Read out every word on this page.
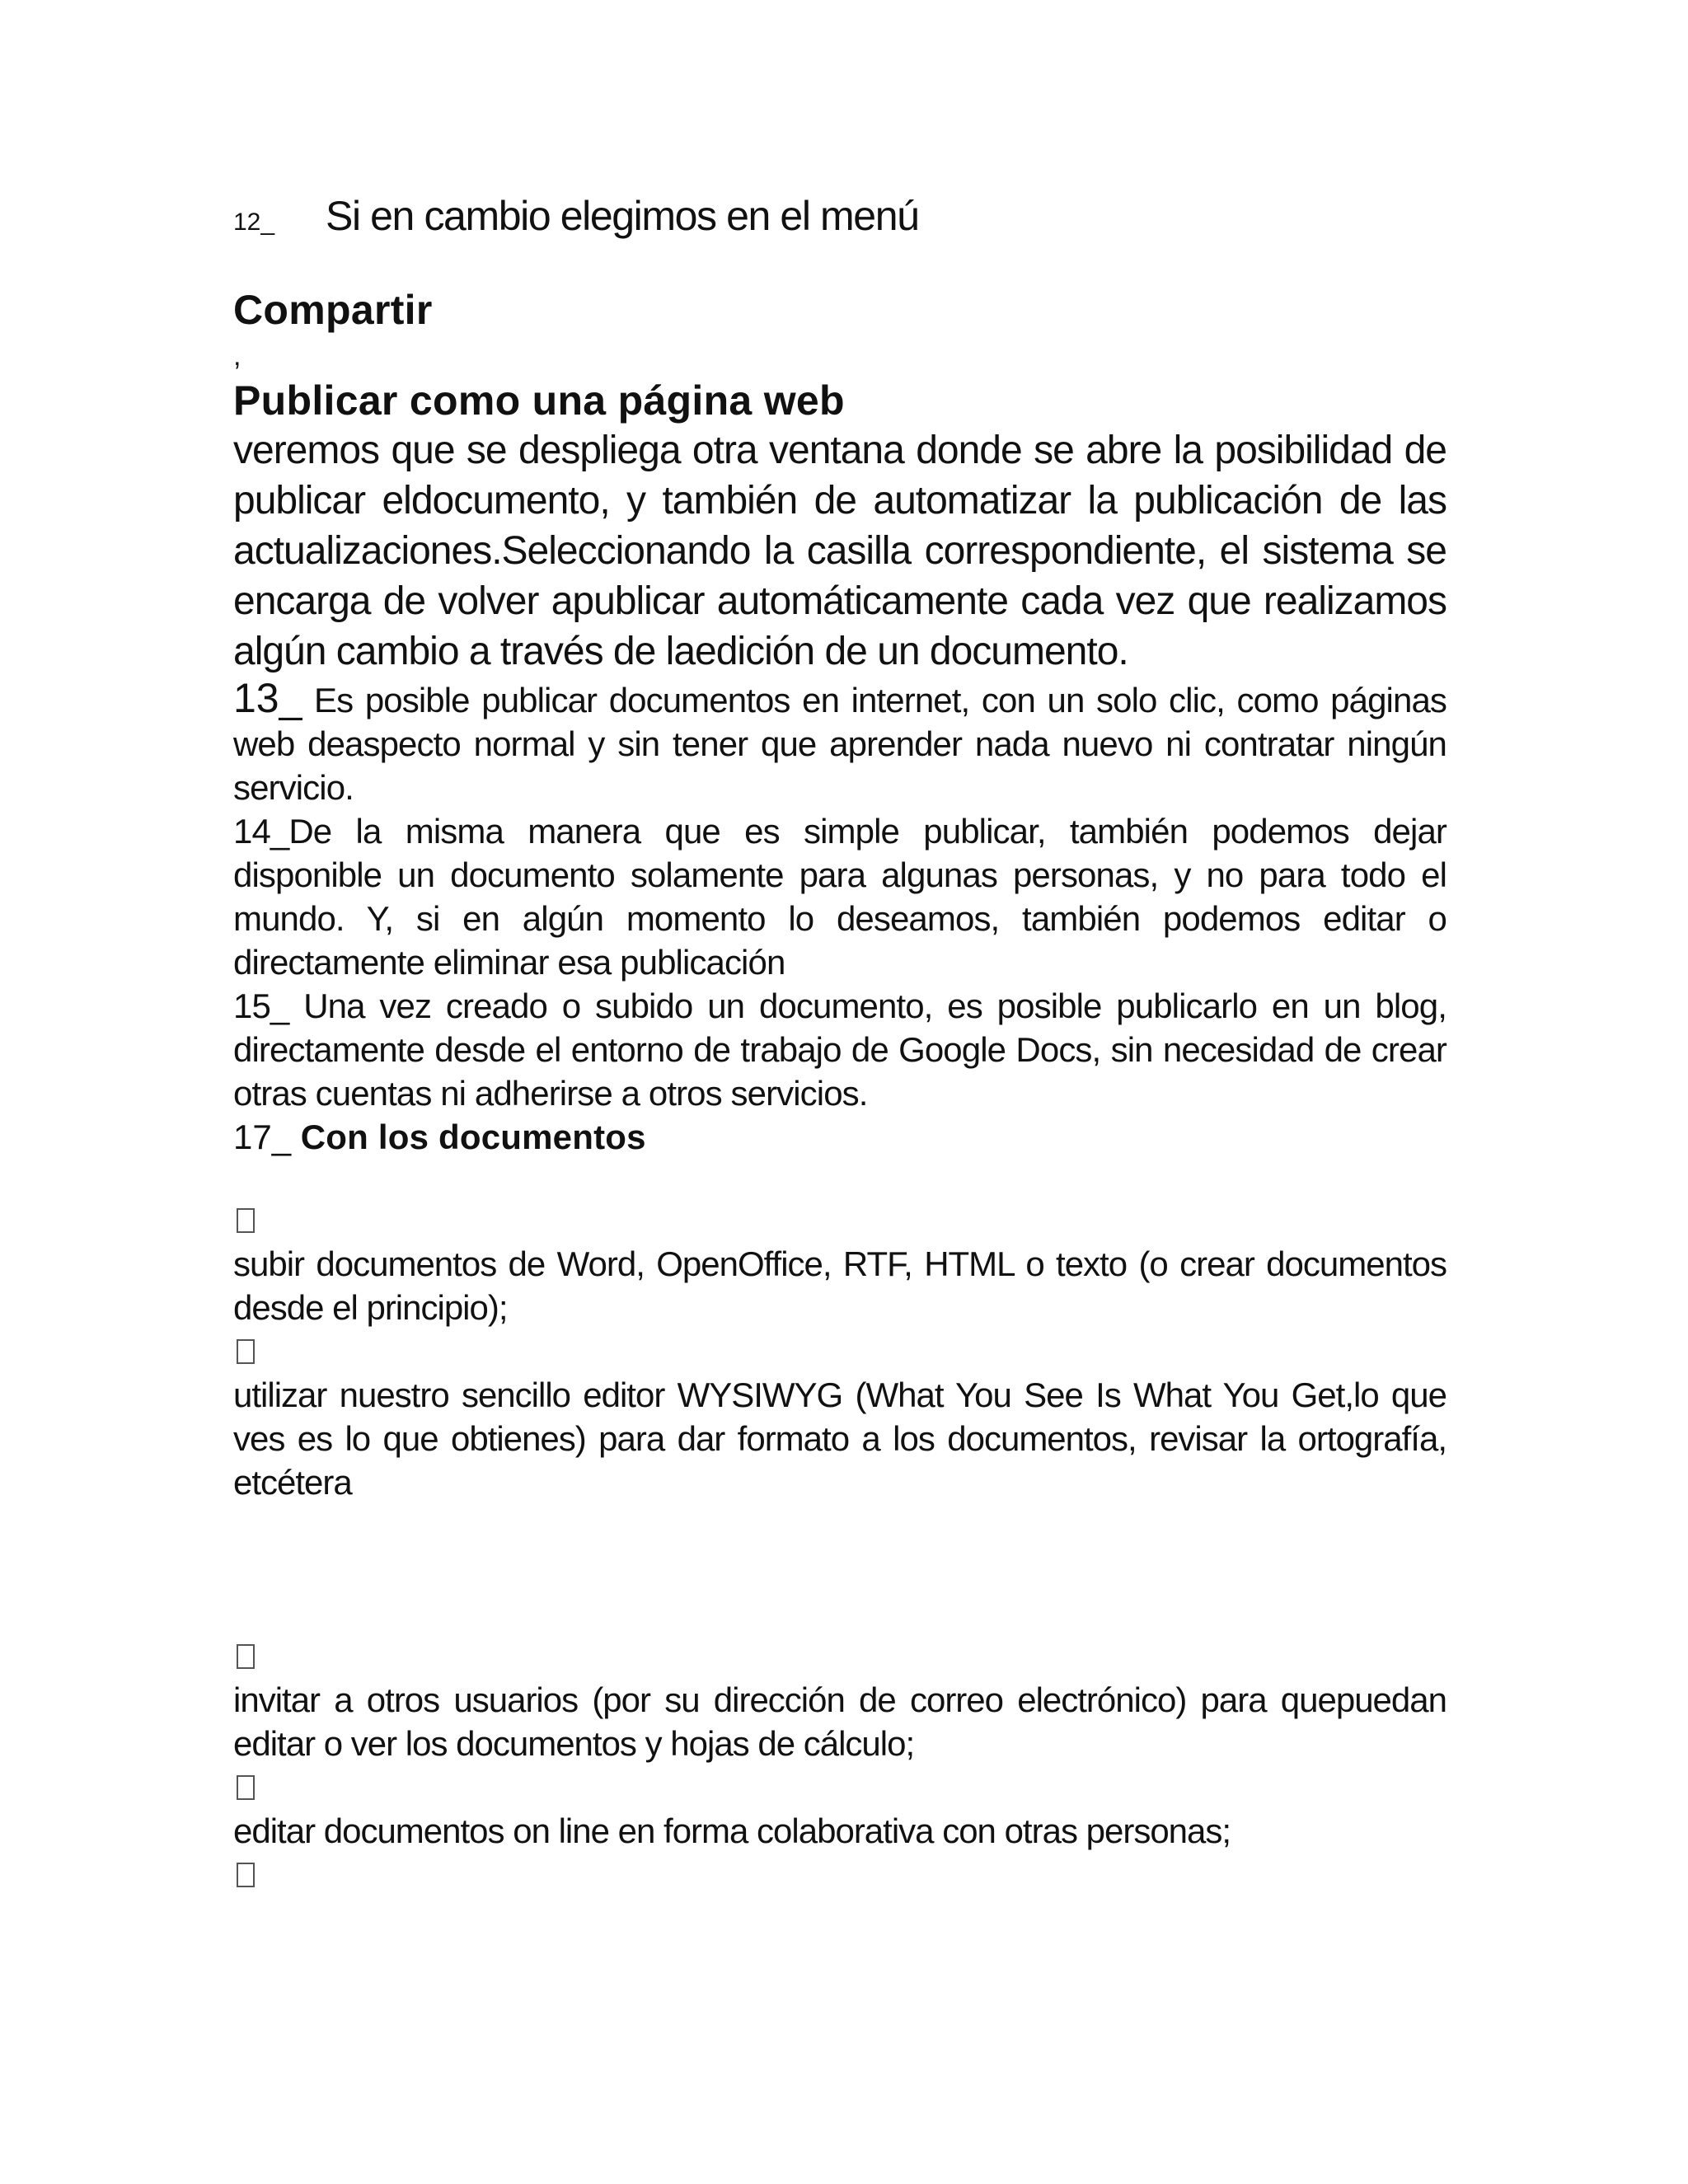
12_ Si en cambio elegimos en el menú

Compartir

,

Publicar como una página web

veremos que se despliega otra ventana donde se abre la posibilidad de publicar eldocumento, y también de automatizar la publicación de las actualizaciones.Seleccionando la casilla correspondiente, el sistema se encarga de volver apublicar automáticamente cada vez que realizamos algún cambio a través de laedición de un documento.

13_ Es posible publicar documentos en internet, con un solo clic, como páginas web deaspecto normal y sin tener que aprender nada nuevo ni contratar ningún servicio.

14_De la misma manera que es simple publicar, también podemos dejar disponible un documento solamente para algunas personas, y no para todo el mundo. Y, si en algún momento lo deseamos, también podemos editar o directamente eliminar esa publicación

15_ Una vez creado o subido un documento, es posible publicarlo en un blog, directamente desde el entorno de trabajo de Google Docs, sin necesidad de crear otras cuentas ni adherirse a otros servicios.

17_ Con los documentos

subir documentos de Word, OpenOffice, RTF, HTML o texto (o crear documentos desde el principio);

utilizar nuestro sencillo editor WYSIWYG (What You See Is What You Get,lo que ves es lo que obtienes) para dar formato a los documentos, revisar la ortografía, etcétera

invitar a otros usuarios (por su dirección de correo electrónico) para quepuedan editar o ver los documentos y hojas de cálculo;

editar documentos on line en forma colaborativa con otras personas;
